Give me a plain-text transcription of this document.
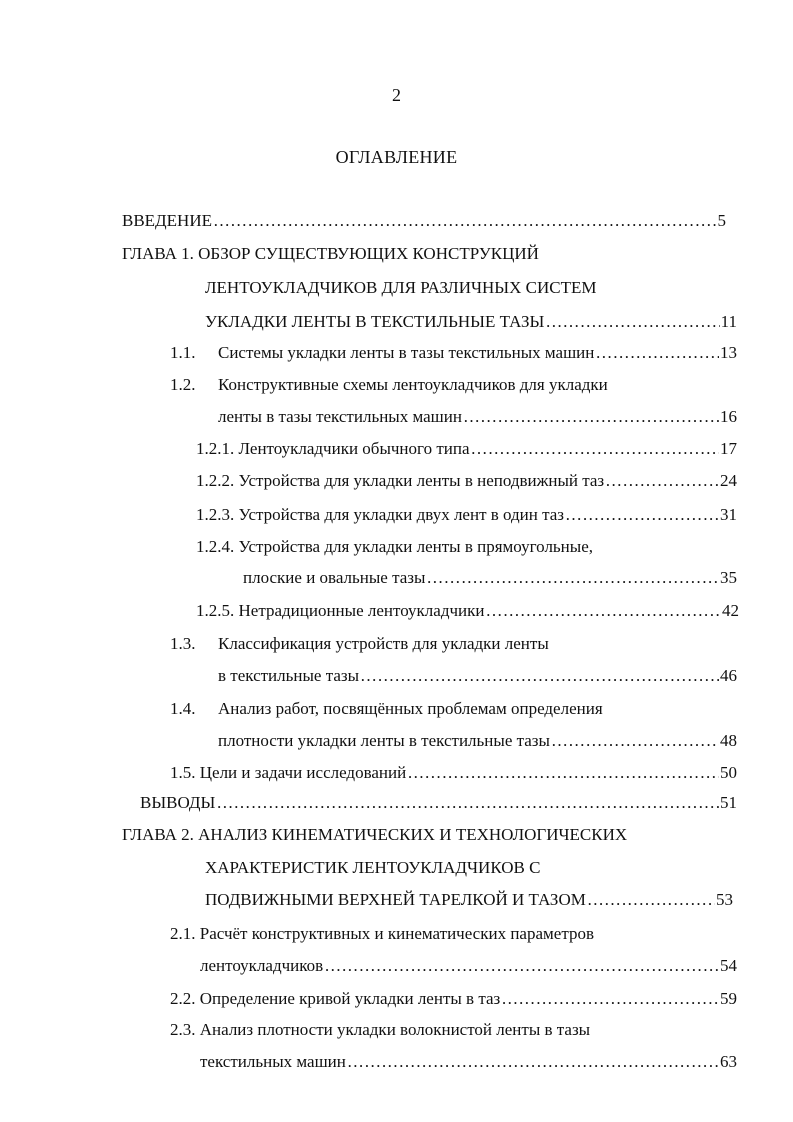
2
ОГЛАВЛЕНИЕ
ВВЕДЕНИЕ ……………………………………………………………………………………………………………………………………	5
ГЛАВА 1. ОБЗОР СУЩЕСТВУЮЩИХ КОНСТРУКЦИЙ
ЛЕНТОУКЛАДЧИКОВ ДЛЯ РАЗЛИЧНЫХ СИСТЕМ
УКЛАДКИ ЛЕНТЫ В ТЕКСТИЛЬНЫЕ ТАЗЫ ……………………………………………………………………………………………………………………………………	11
1.1.	Системы укладки ленты в тазы текстильных машин ……………………………………………………………………………………………………………………………………	13
1.2.	Конструктивные схемы лентоукладчиков для укладки
ленты в тазы текстильных машин ……………………………………………………………………………………………………………………………………	16
1.2.1. Лентоукладчики обычного типа ……………………………………………………………………………………………………………………………………	17
1.2.2. Устройства для укладки ленты в неподвижный таз ……………………………………………………………………………………………………………………………………	24
1.2.3. Устройства для укладки двух лент в один таз ……………………………………………………………………………………………………………………………………	31
1.2.4. Устройства для укладки ленты в прямоугольные,
плоские и овальные тазы ……………………………………………………………………………………………………………………………………	35
1.2.5. Нетрадиционные лентоукладчики ……………………………………………………………………………………………………………………………………	42
1.3.	Классификация устройств для укладки ленты
в текстильные тазы ……………………………………………………………………………………………………………………………………	46
1.4.	Анализ работ, посвящённых проблемам определения
плотности укладки ленты в текстильные тазы ……………………………………………………………………………………………………………………………………	48
1.5. Цели и задачи исследований ……………………………………………………………………………………………………………………………………	50
ВЫВОДЫ ……………………………………………………………………………………………………………………………………	51
ГЛАВА 2. АНАЛИЗ КИНЕМАТИЧЕСКИХ И ТЕХНОЛОГИЧЕСКИХ
ХАРАКТЕРИСТИК ЛЕНТОУКЛАДЧИКОВ С
ПОДВИЖНЫМИ ВЕРХНЕЙ ТАРЕЛКОЙ И ТАЗОМ ……………………………………………………………………………………………………………………………………	53
2.1. Расчёт конструктивных и кинематических параметров
лентоукладчиков ……………………………………………………………………………………………………………………………………	54
2.2. Определение кривой укладки ленты в таз ……………………………………………………………………………………………………………………………………	59
2.3. Анализ плотности укладки волокнистой ленты в тазы
текстильных машин ……………………………………………………………………………………………………………………………………	63
